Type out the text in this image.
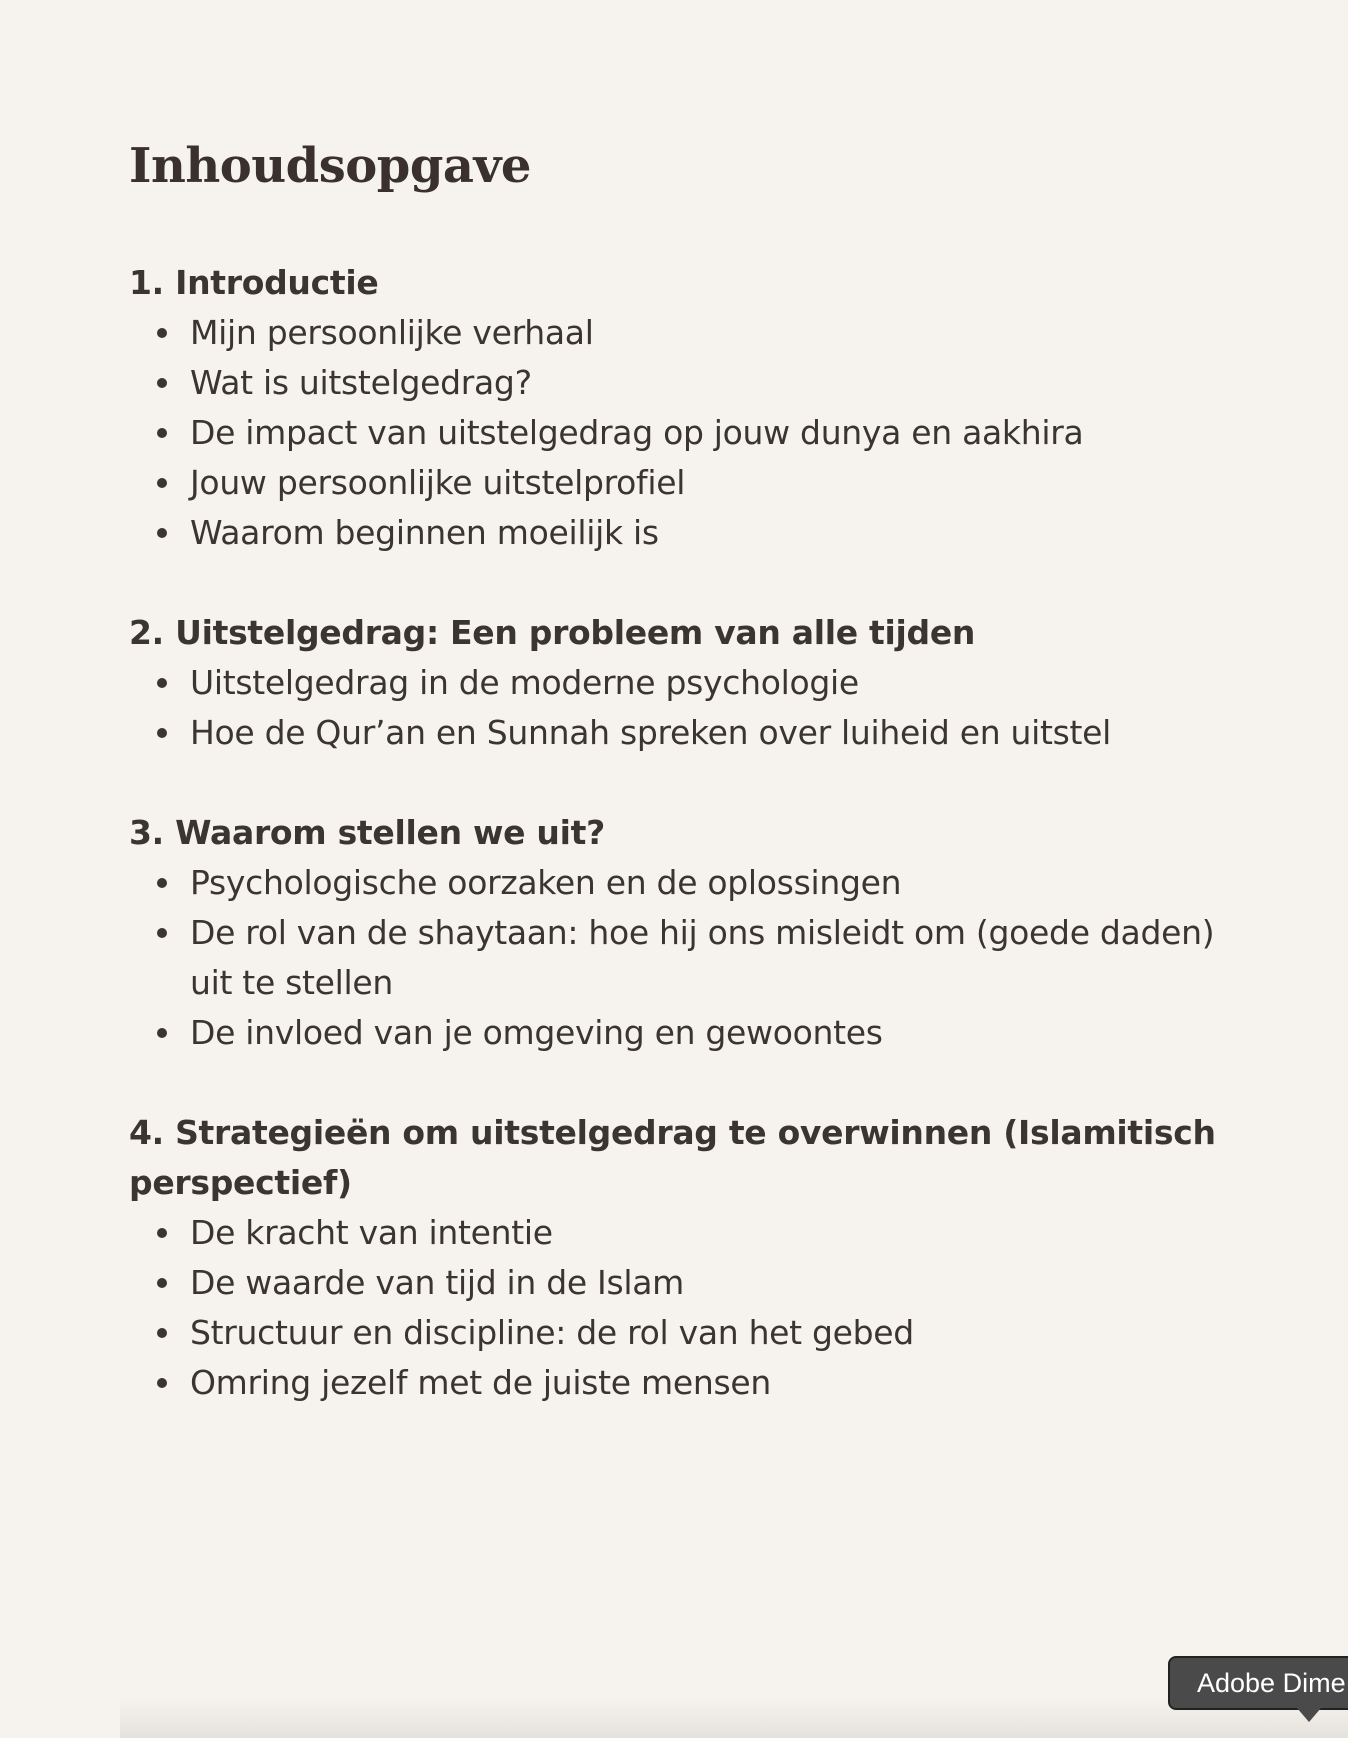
Inhoudsopgave
1. Introductie
Mijn persoonlijke verhaal
Wat is uitstelgedrag?
De impact van uitstelgedrag op jouw dunya en aakhira
Jouw persoonlijke uitstelprofiel
Waarom beginnen moeilijk is
2. Uitstelgedrag: Een probleem van alle tijden
Uitstelgedrag in de moderne psychologie
Hoe de Qur’an en Sunnah spreken over luiheid en uitstel
3. Waarom stellen we uit?
Psychologische oorzaken en de oplossingen
De rol van de shaytaan: hoe hij ons misleidt om (goede daden) uit te stellen
De invloed van je omgeving en gewoontes
4. Strategieën om uitstelgedrag te overwinnen (Islamitisch perspectief)
De kracht van intentie
De waarde van tijd in de Islam
Structuur en discipline: de rol van het gebed
Omring jezelf met de juiste mensen
Adobe Dime
